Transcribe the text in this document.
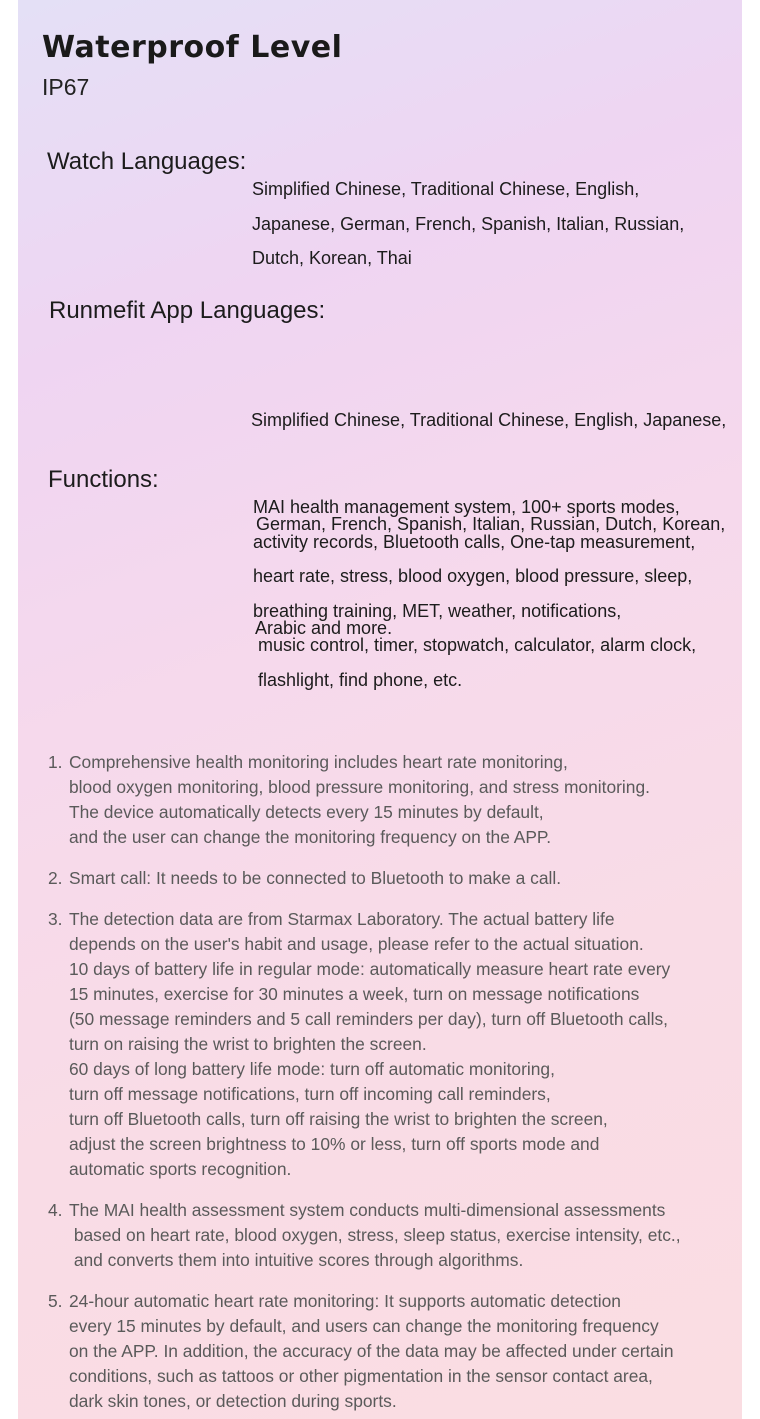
Waterproof Level

IP67

Watch Languages:
Simplified Chinese, Traditional Chinese, English,
Japanese, German, French, Spanish, Italian, Russian,
Dutch, Korean, Thai
Runmefit App Languages:

Simplified Chinese, Traditional Chinese, English, Japanese,

German, French, Spanish, Italian, Russian, Dutch, Korean,

Arabic and more.

Functions:
MAI health management system, 100+ sports modes,
activity records, Bluetooth calls, One-tap measurement,
heart rate, stress, blood oxygen, blood pressure, sleep,
breathing training, MET, weather, notifications,
music control, timer, stopwatch, calculator, alarm clock,
flashlight, find phone, etc.
1. Comprehensive health monitoring includes heart rate monitoring,
blood oxygen monitoring, blood pressure monitoring, and stress monitoring.
The device automatically detects every 15 minutes by default,
and the user can change the monitoring frequency on the APP.
2. Smart call: It needs to be connected to Bluetooth to make a call.
3. The detection data are from Starmax Laboratory. The actual battery life
depends on the user's habit and usage, please refer to the actual situation.
10 days of battery life in regular mode: automatically measure heart rate every
15 minutes, exercise for 30 minutes a week, turn on message notifications
(50 message reminders and 5 call reminders per day), turn off Bluetooth calls,
turn on raising the wrist to brighten the screen.
60 days of long battery life mode: turn off automatic monitoring,
turn off message notifications, turn off incoming call reminders,
turn off Bluetooth calls, turn off raising the wrist to brighten the screen,
adjust the screen brightness to 10% or less, turn off sports mode and
automatic sports recognition.
4. The MAI health assessment system conducts multi-dimensional assessments
based on heart rate, blood oxygen, stress, sleep status, exercise intensity, etc.,
and converts them into intuitive scores through algorithms.
5. 24-hour automatic heart rate monitoring: It supports automatic detection
every 15 minutes by default, and users can change the monitoring frequency
on the APP. In addition, the accuracy of the data may be affected under certain
conditions, such as tattoos or other pigmentation in the sensor contact area,
dark skin tones, or detection during sports.
